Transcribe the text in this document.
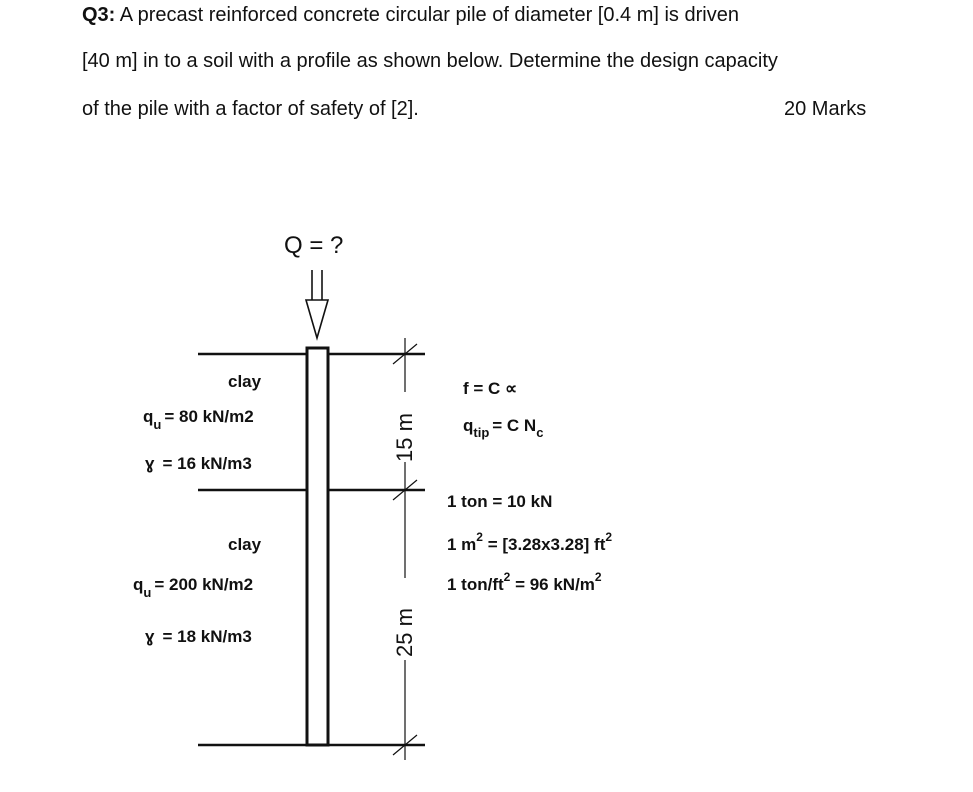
Q3: A precast reinforced concrete circular pile of diameter [0.4 m] is driven
[40 m] in to a soil with a profile as shown below. Determine the design capacity
of the pile with a factor of safety of [2].	20 Marks
Q = ?
15 m
25 m
clay
$q_u = 80$ kN/m2
ɣ = 16 kN/m3
clay
$q_u = 200$ kN/m2
ɣ = 18 kN/m3
f = C ∝
$q_{tip} = C$ $N_c$
1 ton = 10 kN
1 $m^2 = [3.28x3.28]$ $ft^2$
1 ton/$ft^2 = 96$ $kN/m^2$
